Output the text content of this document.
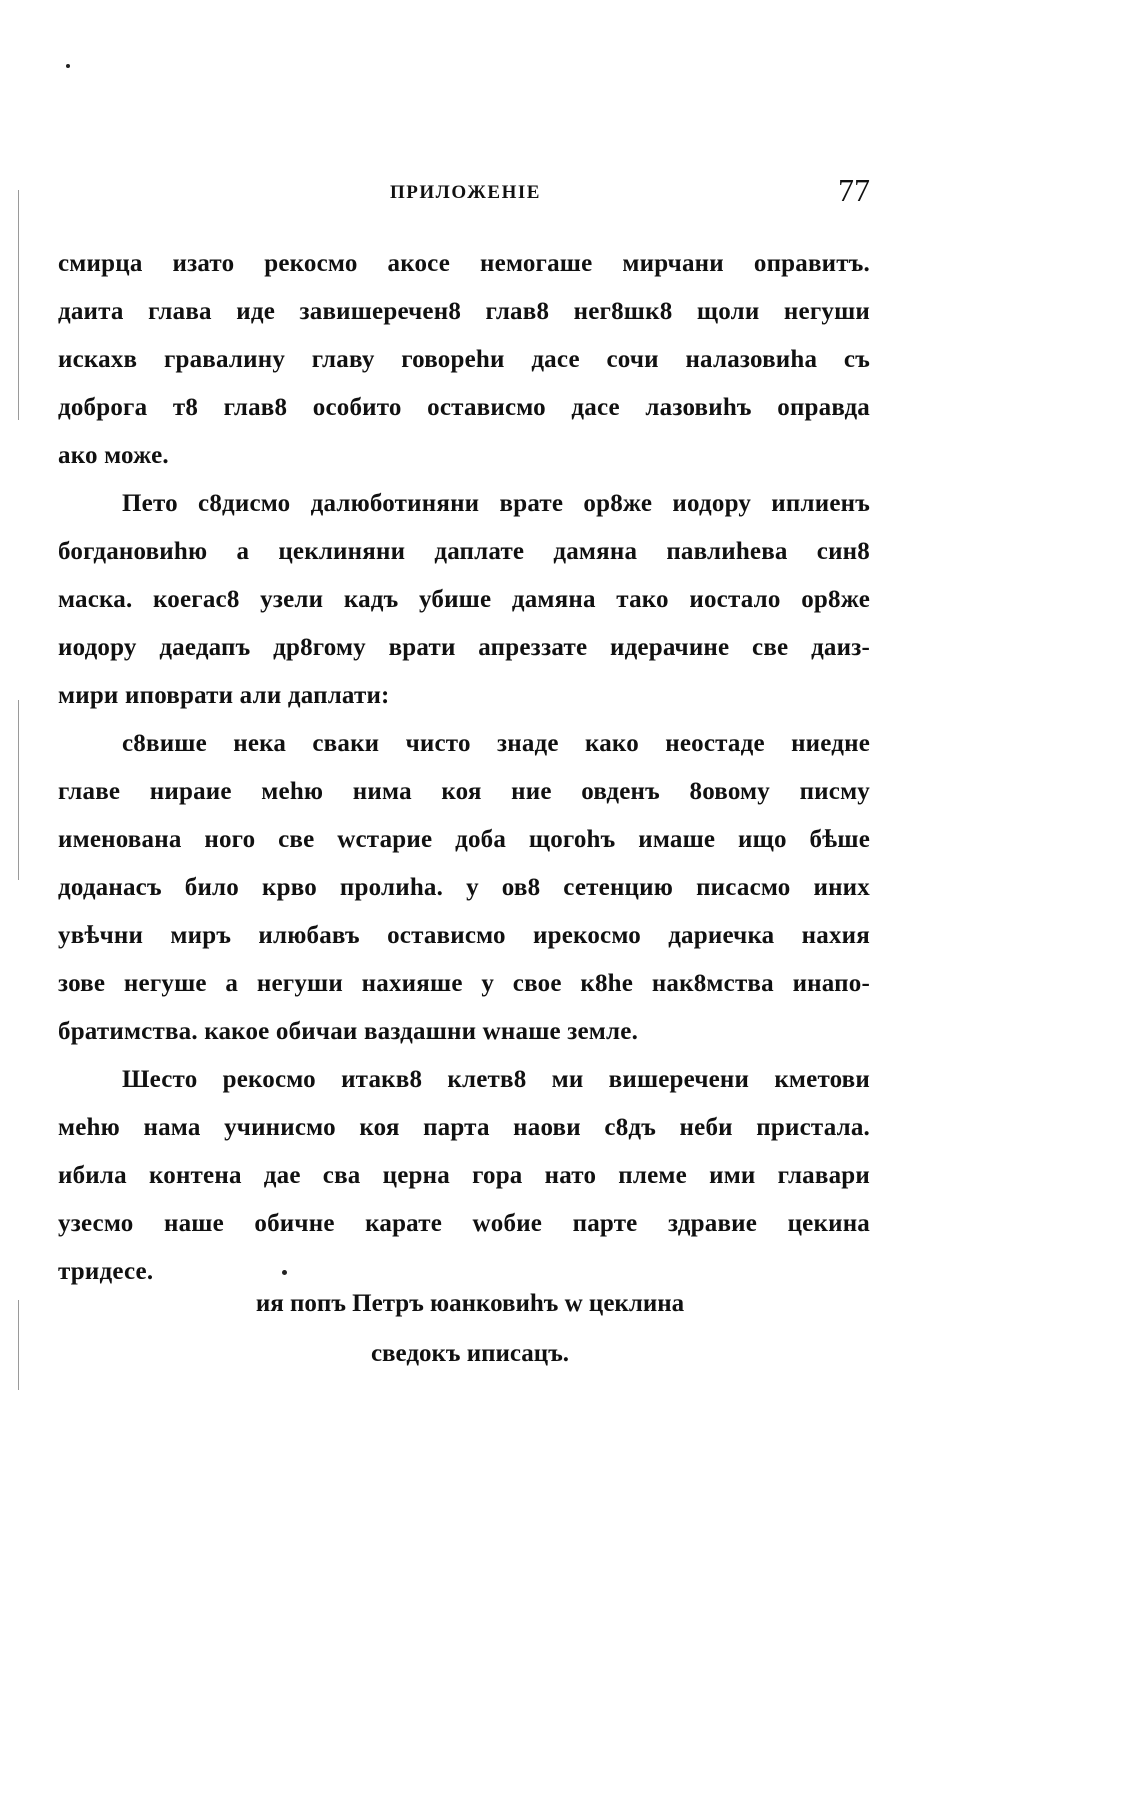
ПРИЛОЖЕНIЕ	77
смирца изато рекосмо акосе немогаше мирчани оправитъ.
даита глава иде завишеречен8 глав8 нег8шк8 щоли негуши
искахв гравалину главу говореhи дасе сочи налазовиhа съ
доброга т8 глав8 особито остависмо дасе лазовиhъ оправда
ако може.
Пето с8дисмо далюботиняни врате ор8же иодору иплиенъ
богдановиhю а цеклиняни даплате дамяна павлиhева син8
маска. коегас8 узели кадъ убише дамяна тако иостало ор8же
иодору даедапъ др8гому врати апреззате идерачине све даиз-
мири иповрати али даплати:
с8више нека сваки чисто знаде како неостаде ниедне
главе нираие меhю нима коя ние овденъ 8овому писму
именована ного све wстарие доба щогоhъ имаше ищо бѣше
доданасъ било крво пролиhа. у ов8 сетенцию писасмо иних
увѣчни миръ илюбавъ остависмо ирекосмо дариечка нахия
зове негуше а негуши нахияше у свое к8hе нак8мства инапо-
братимства. какое обичаи ваздашни wнаше земле.
Шесто рекосмо итакв8 клетв8 ми вишеречени кметови
меhю нама учинисмо коя парта наови с8дъ неби пристала.
ибила контена дае сва церна гора нато племе ими главари
узесмо наше обичне карате wобие парте здравие цекина
тридесе.
ия попъ Петръ юанковиhъ w цеклина
сведокъ иписацъ.
